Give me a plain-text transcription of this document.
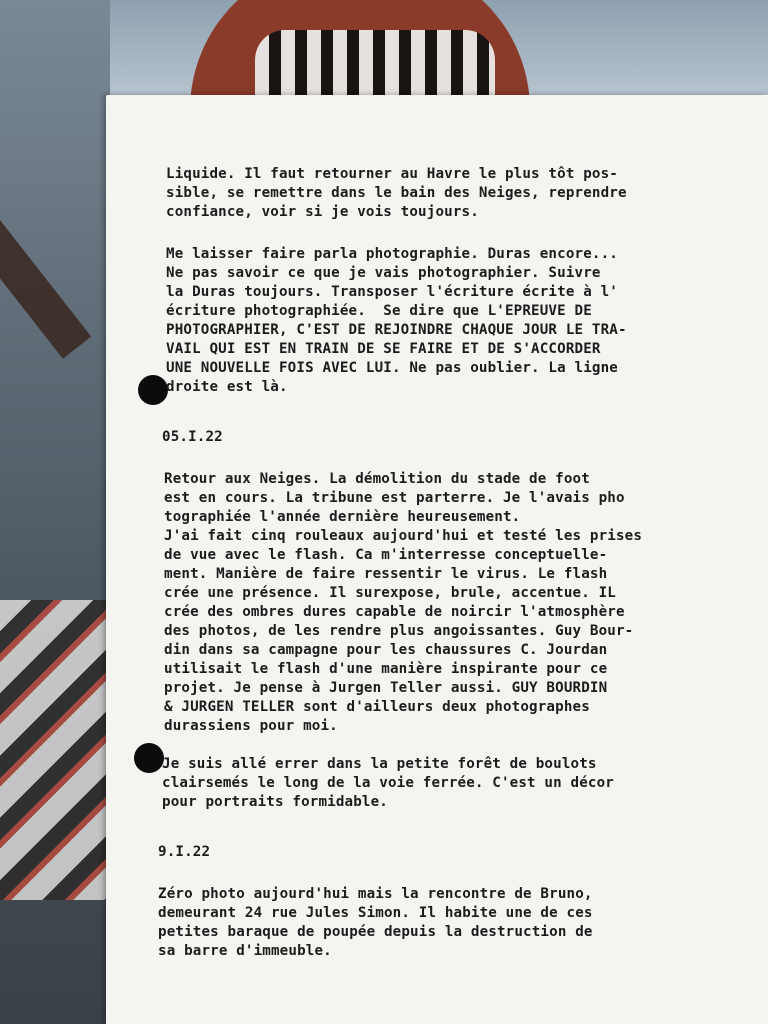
Liquide. Il faut retourner au Havre le plus tôt pos-
sible, se remettre dans le bain des Neiges, reprendre
confiance, voir si je vois toujours.
Me laisser faire parla photographie. Duras encore...
Ne pas savoir ce que je vais photographier. Suivre
la Duras toujours. Transposer l'écriture écrite à l'
écriture photographiée.  Se dire que L'EPREUVE DE
PHOTOGRAPHIER, C'EST DE REJOINDRE CHAQUE JOUR LE TRA-
VAIL QUI EST EN TRAIN DE SE FAIRE ET DE S'ACCORDER
UNE NOUVELLE FOIS AVEC LUI. Ne pas oublier. La ligne
droite est là.
05.I.22
Retour aux Neiges. La démolition du stade de foot
est en cours. La tribune est parterre. Je l'avais pho
tographiée l'année dernière heureusement.
J'ai fait cinq rouleaux aujourd'hui et testé les prises
de vue avec le flash. Ca m'interresse conceptuelle-
ment. Manière de faire ressentir le virus. Le flash
crée une présence. Il surexpose, brule, accentue. IL
crée des ombres dures capable de noircir l'atmosphère
des photos, de les rendre plus angoissantes. Guy Bour-
din dans sa campagne pour les chaussures C. Jourdan
utilisait le flash d'une manière inspirante pour ce
projet. Je pense à Jurgen Teller aussi. GUY BOURDIN
& JURGEN TELLER sont d'ailleurs deux photographes
durassiens pour moi.
Je suis allé errer dans la petite forêt de boulots
clairsemés le long de la voie ferrée. C'est un décor
pour portraits formidable.
9.I.22
Zéro photo aujourd'hui mais la rencontre de Bruno,
demeurant 24 rue Jules Simon. Il habite une de ces
petites baraque de poupée depuis la destruction de
sa barre d'immeuble.
